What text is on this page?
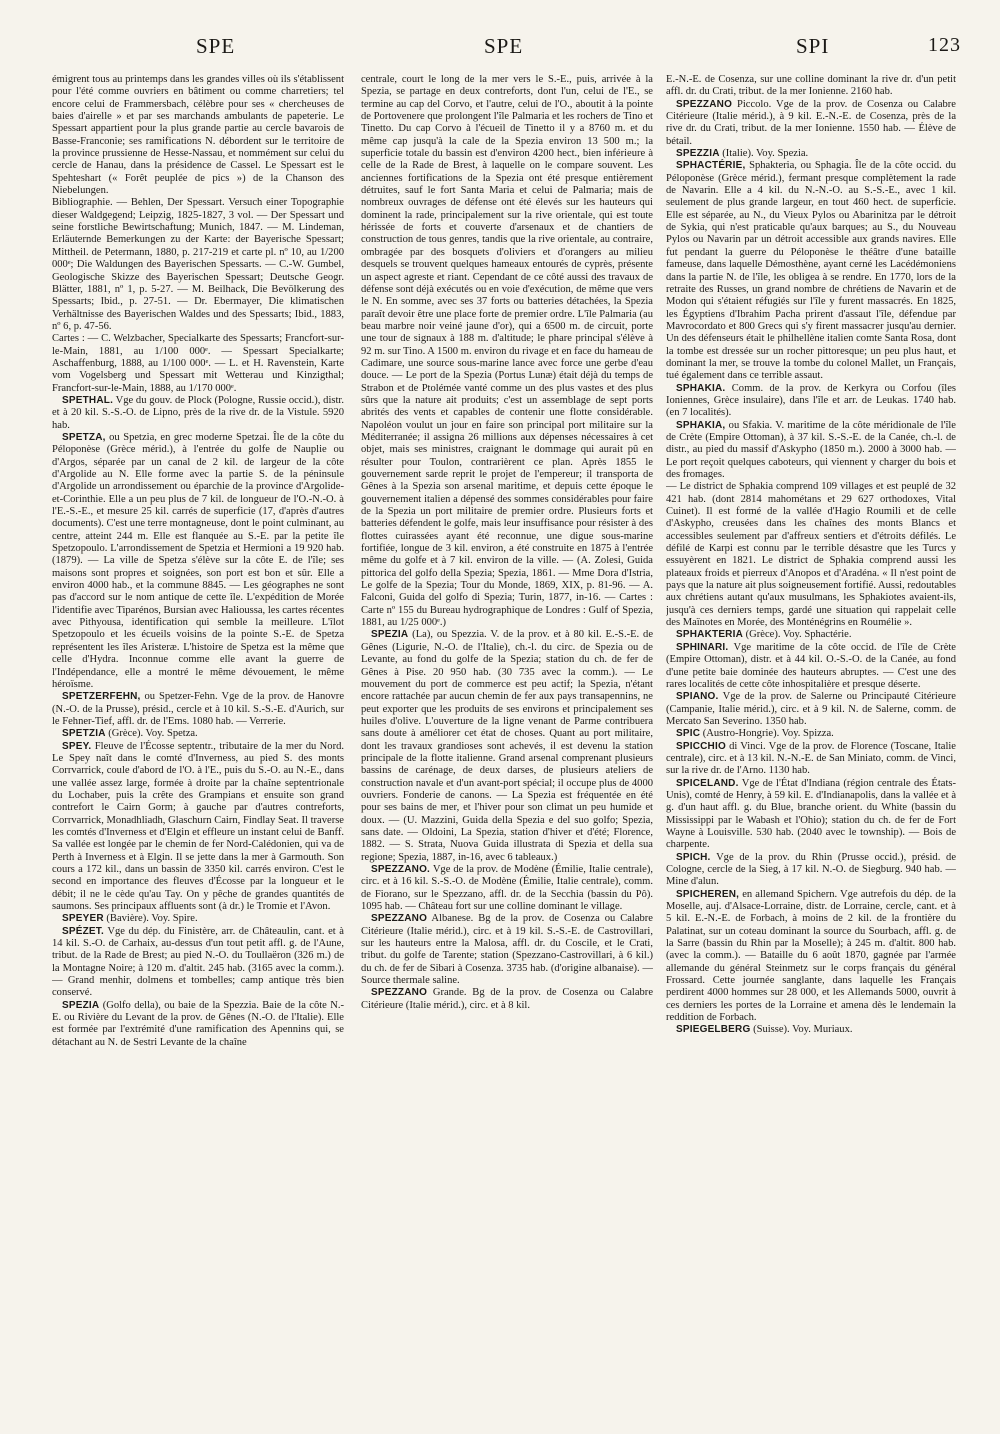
SPE	SPE	SPI	123

émigrent tous au printemps dans les grandes villes où ils s'établissent pour l'été comme ouvriers en bâtiment ou comme charretiers; tel encore celui de Frammersbach, célèbre pour ses « chercheuses de baies d'airelle » et par ses marchands ambulants de papeterie. Le Spessart appartient pour la plus grande partie au cercle bavarois de Basse-Franconie; ses ramifications N. débordent sur le territoire de la province prussienne de Hesse-Nassau, et nommément sur celui du cercle de Hanau, dans la présidence de Cassel. Le Spessart est le Spehteshart (« Forêt peuplée de pics ») de la Chanson des Niebelungen.

Bibliographie. — Behlen, Der Spessart. Versuch einer Topographie dieser Waldgegend; Leipzig, 1825-1827, 3 vol. — Der Spessart und seine forstliche Bewirtschaftung; Munich, 1847. — M. Lindeman, Erläuternde Bemerkungen zu der Karte: der Bayerische Spessart; Mittheil. de Petermann, 1880, p. 217-219 et carte pl. nº 10, au 1/200 000ᵉ; Die Waldungen des Bayerischen Spessarts. — C.-W. Gumbel, Geologische Skizze des Bayerischen Spessart; Deutsche Geogr. Blätter, 1881, nº 1, p. 5-27. — M. Beilhack, Die Bevölkerung des Spessarts; Ibid., p. 27-51. — Dr. Ebermayer, Die klimatischen Verhältnisse des Bayerischen Waldes und des Spessarts; Ibid., 1883, nº 6, p. 47-56.

Cartes : — C. Welzbacher, Specialkarte des Spessarts; Francfort-sur-le-Main, 1881, au 1/100 000ᵉ. — Spessart Specialkarte; Aschaffenburg, 1888, au 1/100 000ᵉ. — L. et H. Ravenstein, Karte vom Vogelsberg und Spessart mit Wetterau und Kinzigthal; Francfort-sur-le-Main, 1888, au 1/170 000ᵉ.

SPETHAL. Vge du gouv. de Plock (Pologne, Russie occid.), distr. et à 20 kil. S.-S.-O. de Lipno, près de la rive dr. de la Vistule. 5920 hab.

SPETZA, ou Spetzia, en grec moderne Spetzai. Île de la côte du Péloponèse (Grèce mérid.), à l'entrée du golfe de Nauplie ou d'Argos, séparée par un canal de 2 kil. de largeur de la côte d'Argolide au N. Elle forme avec la partie S. de la péninsule d'Argolide un arrondissement ou éparchie de la province d'Argolide-et-Corinthie. Elle a un peu plus de 7 kil. de longueur de l'O.-N.-O. à l'E.-S.-E., et mesure 25 kil. carrés de superficie (17, d'après d'autres documents). C'est une terre montagneuse, dont le point culminant, au centre, atteint 244 m. Elle est flanquée au S.-E. par la petite île Spetzopoulo. L'arrondissement de Spetzia et Hermioni a 19 920 hab. (1879). — La ville de Spetza s'élève sur la côte E. de l'île; ses maisons sont propres et soignées, son port est bon et sûr. Elle a environ 4000 hab., et la commune 8845. — Les géographes ne sont pas d'accord sur le nom antique de cette île. L'expédition de Morée l'identifie avec Tiparénos, Bursian avec Halioussa, les cartes récentes avec Pithyousa, identification qui semble la meilleure. L'îlot Spetzopoulo et les écueils voisins de la pointe S.-E. de Spetza représentent les îles Aristeræ. L'histoire de Spetza est la même que celle d'Hydra. Inconnue comme elle avant la guerre de l'Indépendance, elle a montré le même dévouement, le même héroïsme.

SPETZERFEHN, ou Spetzer-Fehn. Vge de la prov. de Hanovre (N.-O. de la Prusse), présid., cercle et à 10 kil. S.-S.-E. d'Aurich, sur le Fehner-Tief, affl. dr. de l'Ems. 1080 hab. — Verrerie.

SPETZIA (Grèce). Voy. Spetza.

SPEY. Fleuve de l'Écosse septentr., tributaire de la mer du Nord. Le Spey naît dans le comté d'Inverness, au pied S. des monts Corrvarrick, coule d'abord de l'O. à l'E., puis du S.-O. au N.-E., dans une vallée assez large, formée à droite par la chaîne septentrionale du Lochaber, puis la crête des Grampians et ensuite son grand contrefort le Cairn Gorm; à gauche par d'autres contreforts, Corrvarrick, Monadhliadh, Glaschurn Cairn, Findlay Seat. Il traverse les comtés d'Inverness et d'Elgin et effleure un instant celui de Banff. Sa vallée est longée par le chemin de fer Nord-Calédonien, qui va de Perth à Inverness et à Elgin. Il se jette dans la mer à Garmouth. Son cours a 172 kil., dans un bassin de 3350 kil. carrés environ. C'est le second en importance des fleuves d'Écosse par la longueur et le débit; il ne le cède qu'au Tay. On y pêche de grandes quantités de saumons. Ses principaux affluents sont (à dr.) le Tromie et l'Avon.

SPEYER (Bavière). Voy. Spire.

SPÉZET. Vge du dép. du Finistère, arr. de Châteaulin, cant. et à 14 kil. S.-O. de Carhaix, au-dessus d'un tout petit affl. g. de l'Aune, tribut. de la Rade de Brest; au pied N.-O. du Toullaëron (326 m.) de la Montagne Noire; à 120 m. d'altit. 245 hab. (3165 avec la comm.). — Grand menhir, dolmens et tombelles; camp antique très bien conservé.

SPEZIA (Golfo della), ou baie de la Spezzia. Baie de la côte N.-E. ou Rivière du Levant de la prov. de Gênes (N.-O. de l'Italie). Elle est formée par l'extrémité d'une ramification des Apennins qui, se détachant au N. de Sestri Levante de la chaîne

centrale, court le long de la mer vers le S.-E., puis, arrivée à la Spezia, se partage en deux contreforts, dont l'un, celui de l'E., se termine au cap del Corvo, et l'autre, celui de l'O., aboutit à la pointe de Portovenere que prolongent l'île Palmaria et les rochers de Tino et Tinetto. Du cap Corvo à l'écueil de Tinetto il y a 8760 m. et du même cap jusqu'à la cale de la Spezia environ 13 500 m.; la superficie totale du bassin est d'environ 4200 hect., bien inférieure à celle de la Rade de Brest, à laquelle on le compare souvent. Les anciennes fortifications de la Spezia ont été presque entièrement détruites, sauf le fort Santa Maria et celui de Palmaria; mais de nombreux ouvrages de défense ont été élevés sur les hauteurs qui dominent la rade, principalement sur la rive orientale, qui est toute hérissée de forts et couverte d'arsenaux et de chantiers de construction de tous genres, tandis que la rive orientale, au contraire, ombragée par des bosquets d'oliviers et d'orangers au milieu desquels se trouvent quelques hameaux entourés de cyprès, présente un aspect agreste et riant. Cependant de ce côté aussi des travaux de défense sont déjà exécutés ou en voie d'exécution, de même que vers le N. En somme, avec ses 37 forts ou batteries détachées, la Spezia paraît devoir être une place forte de premier ordre. L'île Palmaria (au beau marbre noir veiné jaune d'or), qui a 6500 m. de circuit, porte une tour de signaux à 188 m. d'altitude; le phare principal s'élève à 92 m. sur Tino. A 1500 m. environ du rivage et en face du hameau de Cadimare, une source sous-marine lance avec force une gerbe d'eau douce. — Le port de la Spezia (Portus Lunæ) était déjà du temps de Strabon et de Ptolémée vanté comme un des plus vastes et des plus sûrs que la nature ait produits; c'est un assemblage de sept ports abrités des vents et capables de contenir une flotte considérable. Napoléon voulut un jour en faire son principal port militaire sur la Méditerranée; il assigna 26 millions aux dépenses nécessaires à cet objet, mais ses ministres, craignant le dommage qui aurait pû en résulter pour Toulon, contrarièrent ce plan. Après 1855 le gouvernement sarde reprit le projet de l'empereur; il transporta de Gênes à la Spezia son arsenal maritime, et depuis cette époque le gouvernement italien a dépensé des sommes considérables pour faire de la Spezia un port militaire de premier ordre. Plusieurs forts et batteries défendent le golfe, mais leur insuffisance pour résister à des flottes cuirassées ayant été reconnue, une digue sous-marine fortifiée, longue de 3 kil. environ, a été construite en 1875 à l'entrée même du golfe et à 7 kil. environ de la ville. — (A. Zolesi, Guida pittorica del golfo della Spezia; Spezia, 1861. — Mme Dora d'Istria, Le golfe de la Spezia; Tour du Monde, 1869, XIX, p. 81-96. — A. Falconi, Guida del golfo di Spezia; Turin, 1877, in-16. — Cartes : Carte nº 155 du Bureau hydrographique de Londres : Gulf of Spezia, 1881, au 1/25 000ᵉ.)

SPEZIA (La), ou Spezzia. V. de la prov. et à 80 kil. E.-S.-E. de Gênes (Ligurie, N.-O. de l'Italie), ch.-l. du circ. de Spezia ou de Levante, au fond du golfe de la Spezia; station du ch. de fer de Gênes à Pise. 20 950 hab. (30 735 avec la comm.). — Le mouvement du port de commerce est peu actif; la Spezia, n'étant encore rattachée par aucun chemin de fer aux pays transapennins, ne peut exporter que les produits de ses environs et principalement ses huiles d'olive. L'ouverture de la ligne venant de Parme contribuera sans doute à améliorer cet état de choses. Quant au port militaire, dont les travaux grandioses sont achevés, il est devenu la station principale de la flotte italienne. Grand arsenal comprenant plusieurs bassins de carénage, de deux darses, de plusieurs ateliers de construction navale et d'un avant-port spécial; il occupe plus de 4000 ouvriers. Fonderie de canons. — La Spezia est fréquentée en été pour ses bains de mer, et l'hiver pour son climat un peu humide et doux. — (U. Mazzini, Guida della Spezia e del suo golfo; Spezia, sans date. — Oldoini, La Spezia, station d'hiver et d'été; Florence, 1882. — S. Strata, Nuova Guida illustrata di Spezia et della sua regione; Spezia, 1887, in-16, avec 6 tableaux.)

SPEZZANO. Vge de la prov. de Modène (Émilie, Italie centrale), circ. et à 16 kil. S.-S.-O. de Modène (Émilie, Italie centrale), comm. de Fiorano, sur le Spezzano, affl. dr. de la Secchia (bassin du Pô). 1095 hab. — Château fort sur une colline dominant le village.

SPEZZANO Albanese. Bg de la prov. de Cosenza ou Calabre Citérieure (Italie mérid.), circ. et à 19 kil. S.-S.-E. de Castrovillari, sur les hauteurs entre la Malosa, affl. dr. du Coscile, et le Crati, tribut. du golfe de Tarente; station (Spezzano-Castrovillari, à 6 kil.) du ch. de fer de Sibari à Cosenza. 3735 hab. (d'origine albanaise). — Source thermale saline.

SPEZZANO Grande. Bg de la prov. de Cosenza ou Calabre Citérieure (Italie mérid.), circ. et à 8 kil.

E.-N.-E. de Cosenza, sur une colline dominant la rive dr. d'un petit affl. dr. du Crati, tribut. de la mer Ionienne. 2160 hab.

SPEZZANO Piccolo. Vge de la prov. de Cosenza ou Calabre Citérieure (Italie mérid.), à 9 kil. E.-N.-E. de Cosenza, près de la rive dr. du Crati, tribut. de la mer Ionienne. 1550 hab. — Élève de bétail.

SPEZZIA (Italie). Voy. Spezia.

SPHACTÉRIE, Sphakteria, ou Sphagia. Île de la côte occid. du Péloponèse (Grèce mérid.), fermant presque complètement la rade de Navarin. Elle a 4 kil. du N.-N.-O. au S.-S.-E., avec 1 kil. seulement de plus grande largeur, en tout 460 hect. de superficie. Elle est séparée, au N., du Vieux Pylos ou Abarinitza par le détroit de Sykia, qui n'est praticable qu'aux barques; au S., du Nouveau Pylos ou Navarin par un détroit accessible aux grands navires. Elle fut pendant la guerre du Péloponèse le théâtre d'une bataille fameuse, dans laquelle Démosthène, ayant cerné les Lacédémoniens dans la partie N. de l'île, les obligea à se rendre. En 1770, lors de la retraite des Russes, un grand nombre de chrétiens de Navarin et de Modon qui s'étaient réfugiés sur l'île y furent massacrés. En 1825, les Égyptiens d'Ibrahim Pacha prirent d'assaut l'île, défendue par Mavrocordato et 800 Grecs qui s'y firent massacrer jusqu'au dernier. Un des défenseurs était le philhellène italien comte Santa Rosa, dont la tombe est dressée sur un rocher pittoresque; un peu plus haut, et dominant la mer, se trouve la tombe du colonel Mallet, un Français, tué également dans ce terrible assaut.

SPHAKIA. Comm. de la prov. de Kerkyra ou Corfou (îles Ioniennes, Grèce insulaire), dans l'île et arr. de Leukas. 1740 hab. (en 7 localités).

SPHAKIA, ou Sfakia. V. maritime de la côte méridionale de l'île de Crète (Empire Ottoman), à 37 kil. S.-S.-E. de la Canée, ch.-l. de distr., au pied du massif d'Askypho (1850 m.). 2000 à 3000 hab. — Le port reçoit quelques caboteurs, qui viennent y charger du bois et des fromages.

— Le district de Sphakia comprend 109 villages et est peuplé de 32 421 hab. (dont 2814 mahométans et 29 627 orthodoxes, Vital Cuinet). Il est formé de la vallée d'Hagio Roumili et de celle d'Askypho, creusées dans les chaînes des monts Blancs et accessibles seulement par d'affreux sentiers et d'étroits défilés. Le défilé de Karpi est connu par le terrible désastre que les Turcs y essuyèrent en 1821. Le district de Sphakia comprend aussi les plateaux froids et pierreux d'Anopos et d'Aradéna. « Il n'est point de pays que la nature ait plus soigneusement fortifié. Aussi, redoutables aux chrétiens autant qu'aux musulmans, les Sphakiotes avaient-ils, jusqu'à ces derniers temps, gardé une situation qui rappelait celle des Maïnotes en Morée, des Monténégrins en Roumélie ».

SPHAKTERIA (Grèce). Voy. Sphactérie.

SPHINARI. Vge maritime de la côte occid. de l'île de Crète (Empire Ottoman), distr. et à 44 kil. O.-S.-O. de la Canée, au fond d'une petite baie dominée des hauteurs abruptes. — C'est une des rares localités de cette côte inhospitalière et presque déserte.

SPIANO. Vge de la prov. de Salerne ou Principauté Citérieure (Campanie, Italie mérid.), circ. et à 9 kil. N. de Salerne, comm. de Mercato San Severino. 1350 hab.

SPIC (Austro-Hongrie). Voy. Spizza.

SPICCHIO di Vinci. Vge de la prov. de Florence (Toscane, Italie centrale), circ. et à 13 kil. N.-N.-E. de San Miniato, comm. de Vinci, sur la rive dr. de l'Arno. 1130 hab.

SPICELAND. Vge de l'État d'Indiana (région centrale des États-Unis), comté de Henry, à 59 kil. E. d'Indianapolis, dans la vallée et à g. d'un haut affl. g. du Blue, branche orient. du White (bassin du Mississippi par le Wabash et l'Ohio); station du ch. de fer de Fort Wayne à Louisville. 530 hab. (2040 avec le township). — Bois de charpente.

SPICH. Vge de la prov. du Rhin (Prusse occid.), présid. de Cologne, cercle de la Sieg, à 17 kil. N.-O. de Siegburg. 940 hab. — Mine d'alun.

SPICHEREN, en allemand Spichern. Vge autrefois du dép. de la Moselle, auj. d'Alsace-Lorraine, distr. de Lorraine, cercle, cant. et à 5 kil. E.-N.-E. de Forbach, à moins de 2 kil. de la frontière du Palatinat, sur un coteau dominant la source du Sourbach, affl. g. de la Sarre (bassin du Rhin par la Moselle); à 245 m. d'altit. 800 hab. (avec la comm.). — Bataille du 6 août 1870, gagnée par l'armée allemande du général Steinmetz sur le corps français du général Frossard. Cette journée sanglante, dans laquelle les Français perdirent 4000 hommes sur 28 000, et les Allemands 5000, ouvrit à ces derniers les portes de la Lorraine et amena dès le lendemain la reddition de Forbach.

SPIEGELBERG (Suisse). Voy. Muriaux.
